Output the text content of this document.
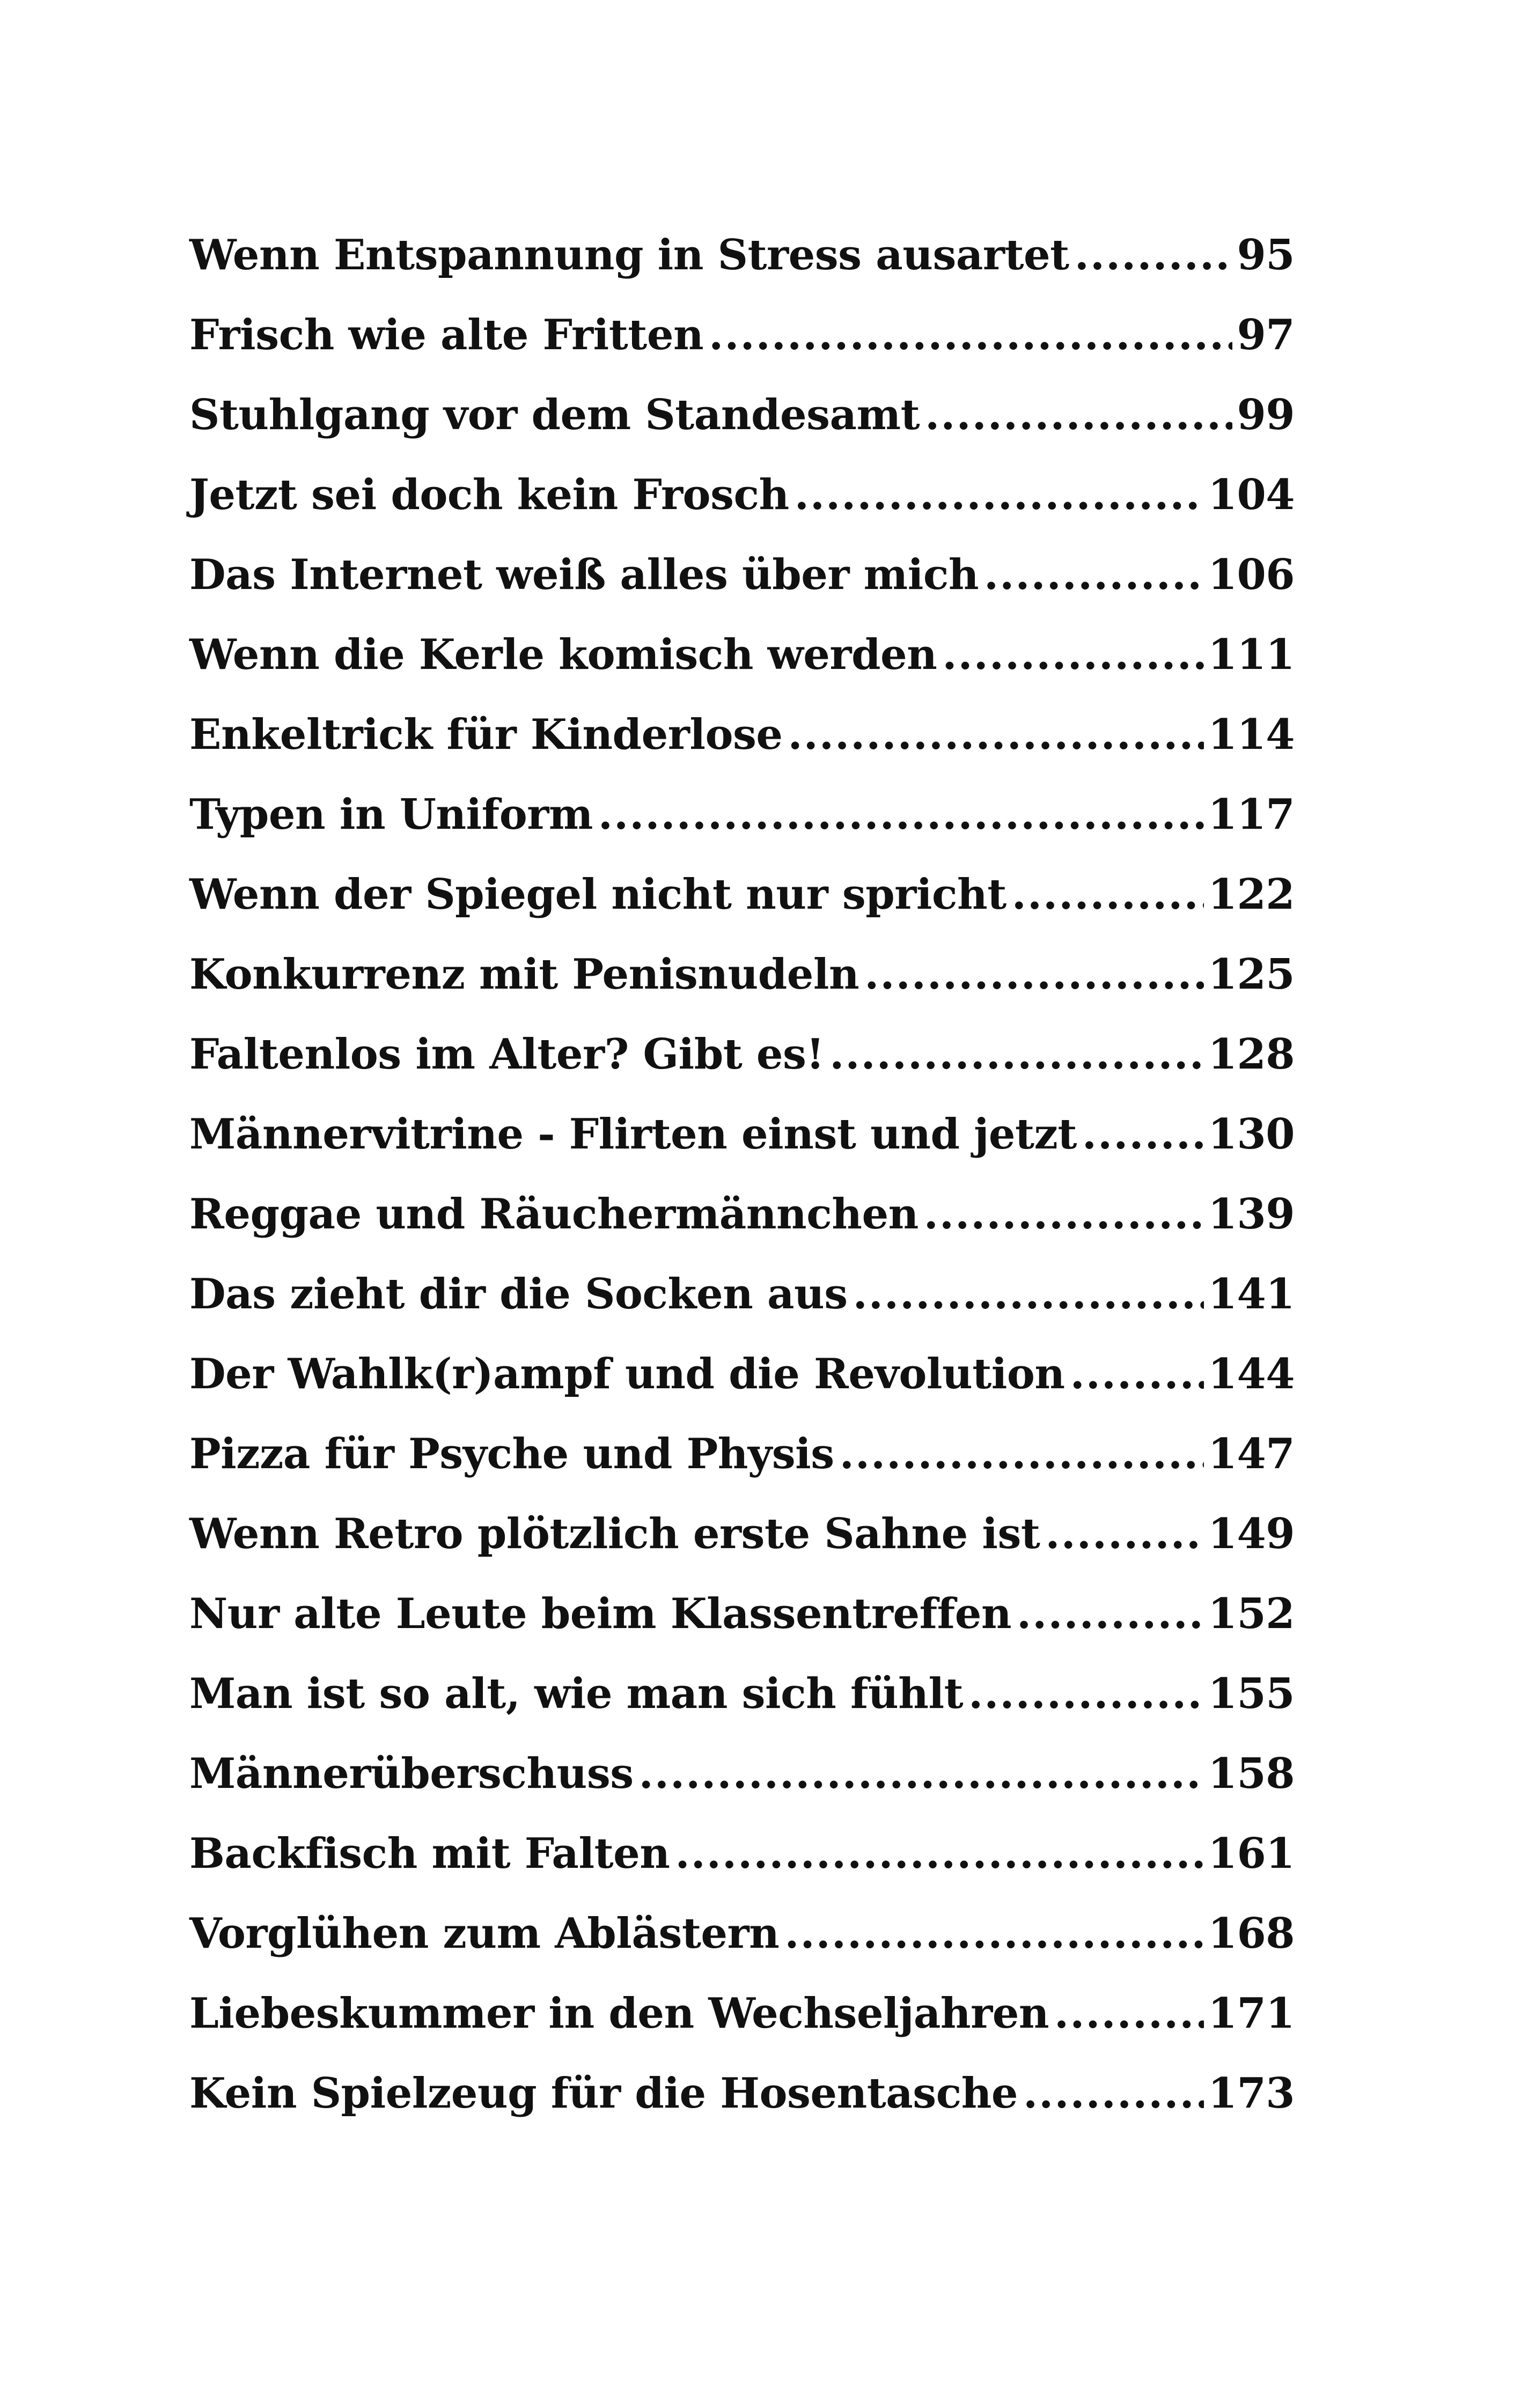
Wenn Entspannung in Stress ausartet .....	95
Frisch wie alte Fritten .....	97
Stuhlgang vor dem Standesamt .....	99
Jetzt sei doch kein Frosch .....	104
Das Internet weiß alles über mich .....	106
Wenn die Kerle komisch werden .....	111
Enkeltrick für Kinderlose .....	114
Typen in Uniform .....	117
Wenn der Spiegel nicht nur spricht .....	122
Konkurrenz mit Penisnudeln .....	125
Faltenlos im Alter? Gibt es! .....	128
Männervitrine - Flirten einst und jetzt .....	130
Reggae und Räuchermännchen .....	139
Das zieht dir die Socken aus .....	141
Der Wahlk(r)ampf und die Revolution .....	144
Pizza für Psyche und Physis .....	147
Wenn Retro plötzlich erste Sahne ist .....	149
Nur alte Leute beim Klassentreffen .....	152
Man ist so alt, wie man sich fühlt .....	155
Männerüberschuss .....	158
Backfisch mit Falten .....	161
Vorglühen zum Ablästern .....	168
Liebeskummer in den Wechseljahren .....	171
Kein Spielzeug für die Hosentasche .....	173
